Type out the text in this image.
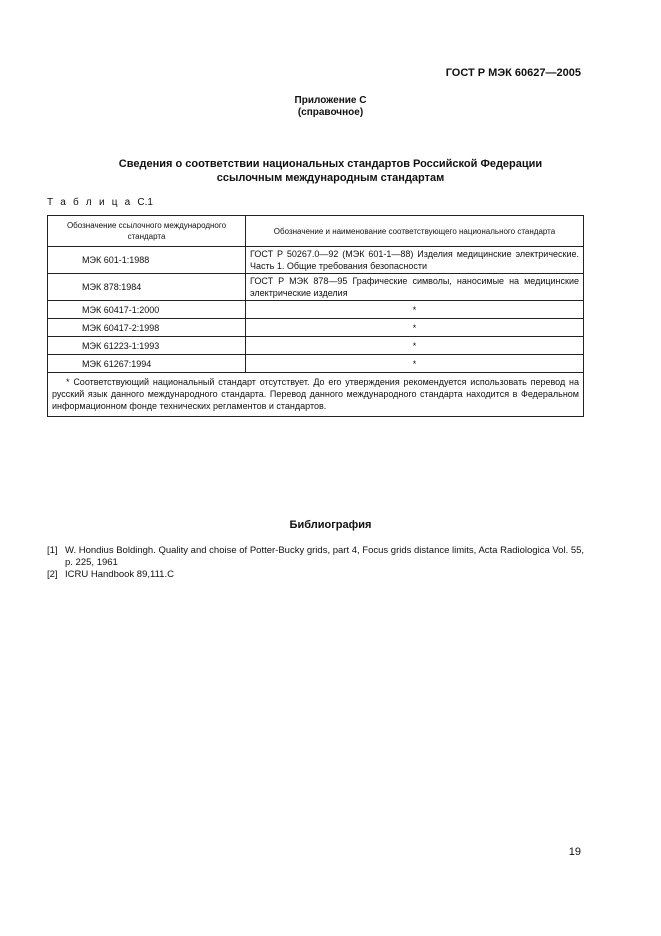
ГОСТ Р МЭК 60627—2005
Приложение С
(справочное)
Сведения о соответствии национальных стандартов Российской Федерации
ссылочным международным стандартам
Т а б л и ц а С.1
Обозначение ссылочного международного стандарта	Обозначение и наименование соответствующего национального стандарта
МЭК 601-1:1988	ГОСТ Р 50267.0—92 (МЭК 601-1—88) Изделия медицинские электрические. Часть 1. Общие требования безопасности
МЭК 878:1984	ГОСТ Р МЭК 878—95 Графические символы, наносимые на медицинские электрические изделия
МЭК 60417-1:2000	*
МЭК 60417-2:1998	*
МЭК 61223-1:1993	*
МЭК 61267:1994	*
* Соответствующий национальный стандарт отсутствует. До его утверждения рекомендуется использовать перевод на русский язык данного международного стандарта. Перевод данного международного стандарта находится в Федеральном информационном фонде технических регламентов и стандартов.	
Библиография
[1] W. Hondius Boldingh. Quality and choise of Potter-Bucky grids, part 4, Focus grids distance limits, Acta Radiologica Vol. 55, p. 225, 1961
[2] ICRU Handbook 89,111.C
19
